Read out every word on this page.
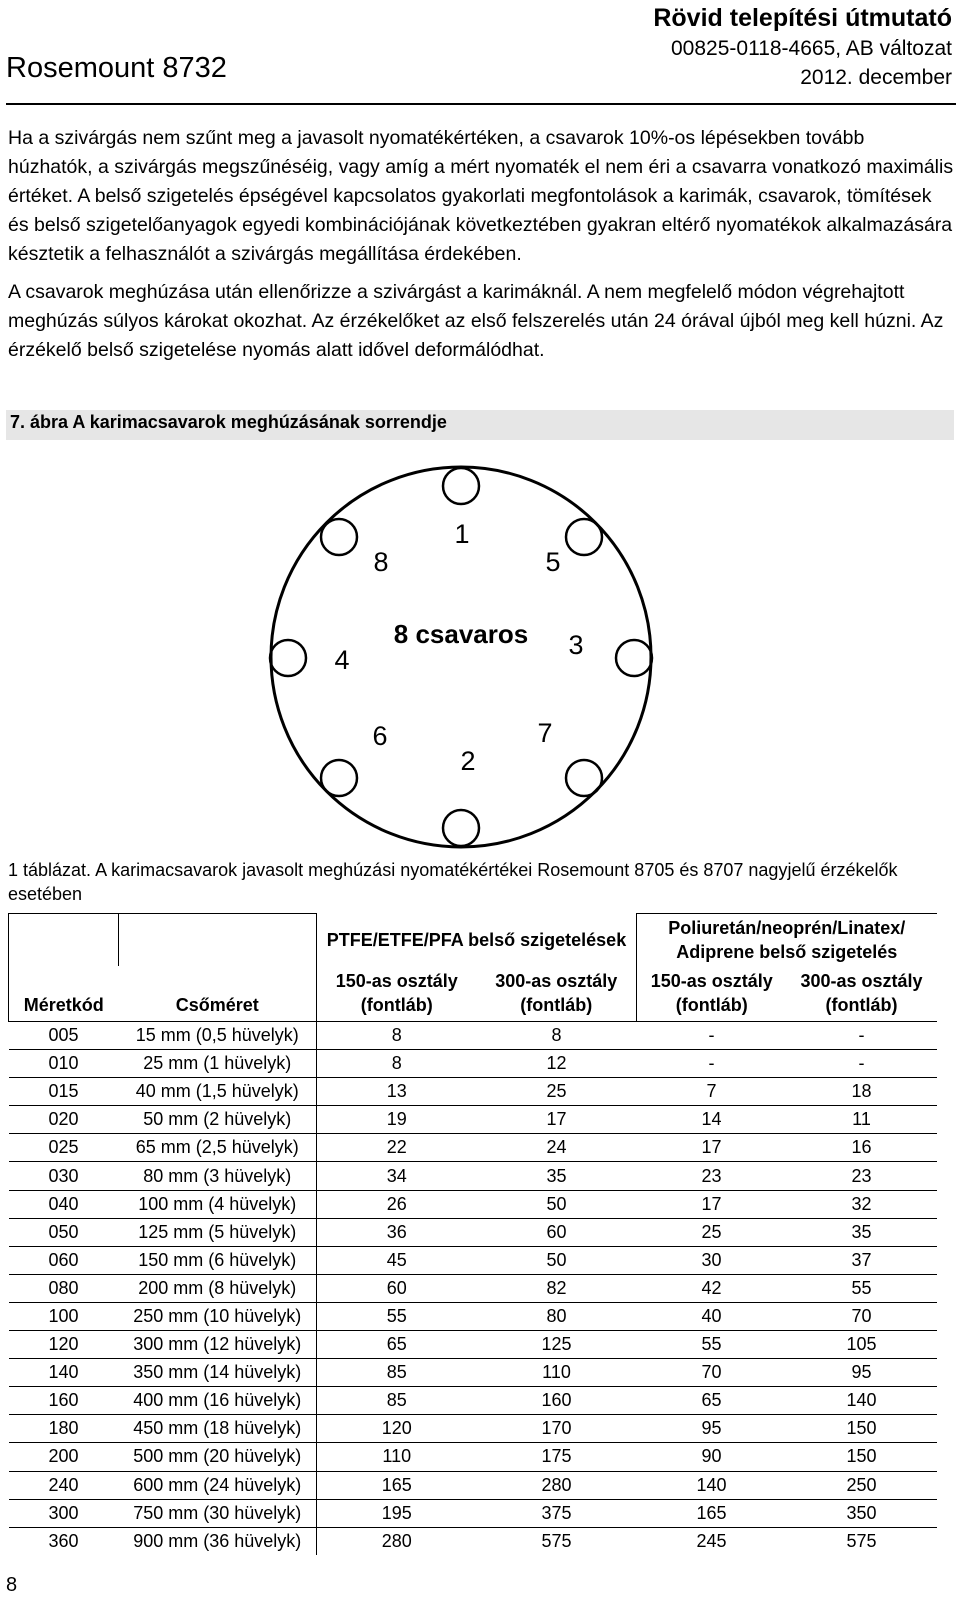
Rosemount 8732
Rövid telepítési útmutató
00825-0118-4665, AB változat
2012. december

Ha a szivárgás nem szűnt meg a javasolt nyomatékértéken, a csavarok 10%-os lépésekben tovább húzhatók, a szivárgás megszűnéséig, vagy amíg a mért nyomaték el nem éri a csavarra vonatkozó maximális értéket. A belső szigetelés épségével kapcsolatos gyakorlati megfontolások a karimák, csavarok, tömítések és belső szigetelőanyagok egyedi kombinációjának következtében gyakran eltérő nyomatékok alkalmazására késztetik a felhasználót a szivárgás megállítása érdekében.

A csavarok meghúzása után ellenőrizze a szivárgást a karimáknál. A nem megfelelő módon végrehajtott meghúzás súlyos károkat okozhat. Az érzékelőket az első felszerelés után 24 órával újból meg kell húzni. Az érzékelő belső szigetelése nyomás alatt idővel deformálódhat.

7. ábra A karimacsavarok meghúzásának sorrendje
1
5
3
7
2
6
4
8
8 csavaros
1 táblázat. A karimacsavarok javasolt meghúzási nyomatékértékei Rosemount 8705 és 8707 nagyjelű érzékelők esetében
		PTFE/ETFE/PFA belső szigetelések		Poliuretán/neoprén/Linatex/ Adiprene belső szigetelés	
Méretkód	Csőméret	150-as osztály (fontláb)	300-as osztály (fontláb)	150-as osztály (fontláb)	300-as osztály (fontláb)
005	15 mm (0,5 hüvelyk)	8	8	-	-
010	25 mm (1 hüvelyk)	8	12	-	-
015	40 mm (1,5 hüvelyk)	13	25	7	18
020	50 mm (2 hüvelyk)	19	17	14	11
025	65 mm (2,5 hüvelyk)	22	24	17	16
030	80 mm (3 hüvelyk)	34	35	23	23
040	100 mm (4 hüvelyk)	26	50	17	32
050	125 mm (5 hüvelyk)	36	60	25	35
060	150 mm (6 hüvelyk)	45	50	30	37
080	200 mm (8 hüvelyk)	60	82	42	55
100	250 mm (10 hüvelyk)	55	80	40	70
120	300 mm (12 hüvelyk)	65	125	55	105
140	350 mm (14 hüvelyk)	85	110	70	95
160	400 mm (16 hüvelyk)	85	160	65	140
180	450 mm (18 hüvelyk)	120	170	95	150
200	500 mm (20 hüvelyk)	110	175	90	150
240	600 mm (24 hüvelyk)	165	280	140	250
300	750 mm (30 hüvelyk)	195	375	165	350
360	900 mm (36 hüvelyk)	280	575	245	575
8
